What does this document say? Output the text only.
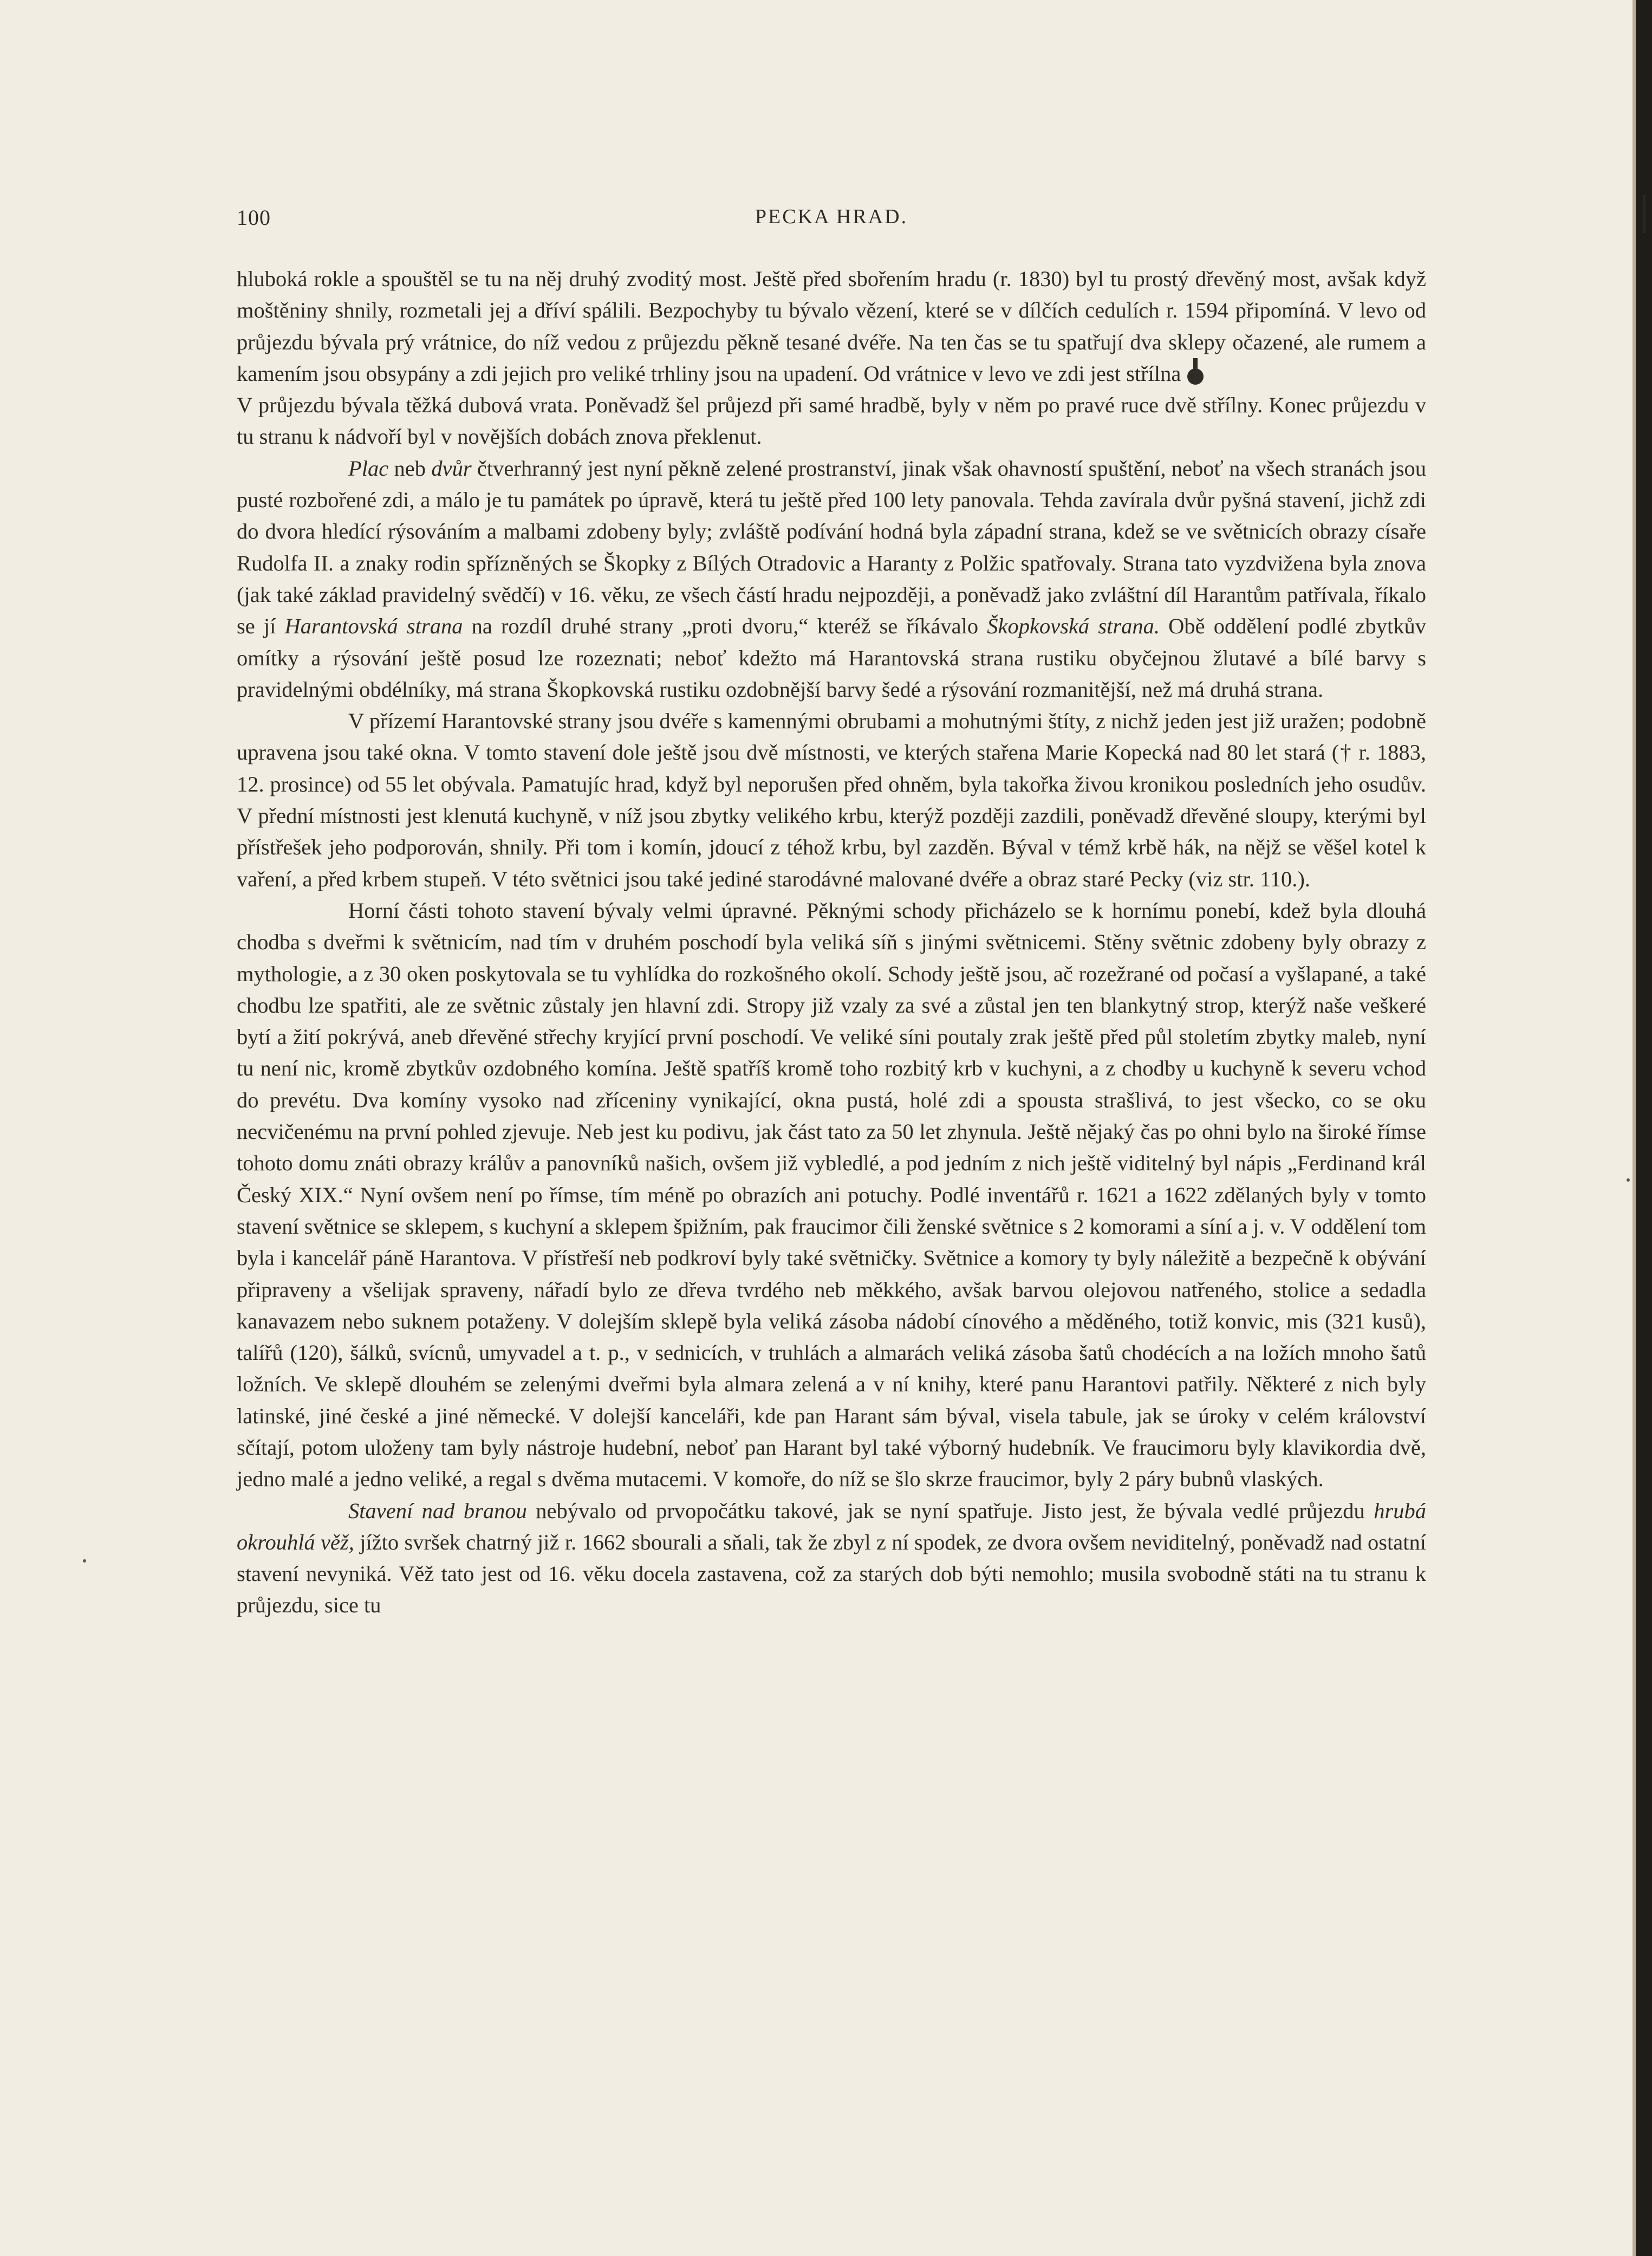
100	PECKA HRAD.

hluboká rokle a spouštěl se tu na něj druhý zvoditý most. Ještě před sbořením hradu (r. 1830) byl tu prostý dřevěný most, avšak když moštěniny shnily, rozmetali jej a dříví spálili. Bezpochyby tu bývalo vězení, které se v dílčích cedulích r. 1594 připomíná. V levo od průjezdu bývala prý vrátnice, do níž vedou z průjezdu pěkně tesané dvéře. Na ten čas se tu spatřují dva sklepy očazené, ale rumem a kamením jsou obsypány a zdi jejich pro veliké trhliny jsou na upadení. Od vrátnice v levo ve zdi jest střílna
V průjezdu bývala těžká dubová vrata. Poněvadž šel průjezd při samé hradbě, byly v něm po pravé ruce dvě střílny. Konec průjezdu v tu stranu k nádvoří byl v novějších dobách znova překlenut.

Plac neb dvůr čtverhranný jest nyní pěkně zelené prostranství, jinak však ohavností spuštění, neboť na všech stranách jsou pusté rozbořené zdi, a málo je tu památek po úpravě, která tu ještě před 100 lety panovala. Tehda zavírala dvůr pyšná stavení, jichž zdi do dvora hledící rýsováním a malbami zdobeny byly; zvláště podívání hodná byla západní strana, kdež se ve světnicích obrazy císaře Rudolfa II. a znaky rodin spřízněných se Škopky z Bílých Otradovic a Haranty z Polžic spatřovaly. Strana tato vyzdvižena byla znova (jak také základ pravidelný svědčí) v 16. věku, ze všech částí hradu nejpozději, a poněvadž jako zvláštní díl Harantům patřívala, říkalo se jí Harantovská strana na rozdíl druhé strany „proti dvoru,“ kteréž se říkávalo Škopkovská strana. Obě oddělení podlé zbytkův omítky a rýsování ještě posud lze rozeznati; neboť kdežto má Harantovská strana rustiku obyčejnou žlutavé a bílé barvy s pravidelnými obdélníky, má strana Škopkovská rustiku ozdobnější barvy šedé a rýsování rozmanitější, než má druhá strana.

V přízemí Harantovské strany jsou dvéře s kamennými obrubami a mohutnými štíty, z nichž jeden jest již uražen; podobně upravena jsou také okna. V tomto stavení dole ještě jsou dvě místnosti, ve kterých stařena Marie Kopecká nad 80 let stará († r. 1883, 12. prosince) od 55 let obývala. Pamatujíc hrad, když byl neporušen před ohněm, byla takořka živou kronikou posledních jeho osudův. V přední místnosti jest klenutá kuchyně, v níž jsou zbytky velikého krbu, kterýž později zazdili, poněvadž dřevěné sloupy, kterými byl přístřešek jeho podporován, shnily. Při tom i komín, jdoucí z téhož krbu, byl zazděn. Býval v témž krbě hák, na nějž se věšel kotel k vaření, a před krbem stupeň. V této světnici jsou také jediné starodávné malované dvéře a obraz staré Pecky (viz str. 110.).

Horní části tohoto stavení bývaly velmi úpravné. Pěknými schody přicházelo se k hornímu ponebí, kdež byla dlouhá chodba s dveřmi k světnicím, nad tím v druhém poschodí byla veliká síň s jinými světnicemi. Stěny světnic zdobeny byly obrazy z mythologie, a z 30 oken poskytovala se tu vyhlídka do rozkošného okolí. Schody ještě jsou, ač rozežrané od počasí a vyšlapané, a také chodbu lze spatřiti, ale ze světnic zůstaly jen hlavní zdi. Stropy již vzaly za své a zůstal jen ten blankytný strop, kterýž naše veškeré bytí a žití pokrývá, aneb dřevěné střechy kryjící první poschodí. Ve veliké síni poutaly zrak ještě před půl stoletím zbytky maleb, nyní tu není nic, kromě zbytkův ozdobného komína. Ještě spatříš kromě toho rozbitý krb v kuchyni, a z chodby u kuchyně k severu vchod do prevétu. Dva komíny vysoko nad zříceniny vynikající, okna pustá, holé zdi a spousta strašlivá, to jest všecko, co se oku necvičenému na první pohled zjevuje. Neb jest ku podivu, jak část tato za 50 let zhynula. Ještě nějaký čas po ohni bylo na široké římse tohoto domu znáti obrazy králův a panovníků našich, ovšem již vybledlé, a pod jedním z nich ještě viditelný byl nápis „Ferdinand král Český XIX.“ Nyní ovšem není po římse, tím méně po obrazích ani potuchy. Podlé inventářů r. 1621 a 1622 zdělaných byly v tomto stavení světnice se sklepem, s kuchyní a sklepem špižním, pak fraucimor čili ženské světnice s 2 komorami a síní a j. v. V oddělení tom byla i kancelář páně Harantova. V přístřeší neb podkroví byly také světničky. Světnice a komory ty byly náležitě a bezpečně k obývání připraveny a všelijak spraveny, nářadí bylo ze dřeva tvrdého neb měkkého, avšak barvou olejovou natřeného, stolice a sedadla kanavazem nebo suknem potaženy. V dolejším sklepě byla veliká zásoba nádobí cínového a měděného, totiž konvic, mis (321 kusů), talířů (120), šálků, svícnů, umyvadel a t. p., v sednicích, v truhlách a almarách veliká zásoba šatů chodécích a na ložích mnoho šatů ložních. Ve sklepě dlouhém se zelenými dveřmi byla almara zelená a v ní knihy, které panu Harantovi patřily. Některé z nich byly latinské, jiné české a jiné německé. V dolejší kanceláři, kde pan Harant sám býval, visela tabule, jak se úroky v celém království sčítají, potom uloženy tam byly nástroje hudební, neboť pan Harant byl také výborný hudebník. Ve fraucimoru byly klavikordia dvě, jedno malé a jedno veliké, a regal s dvěma mutacemi. V komoře, do níž se šlo skrze fraucimor, byly 2 páry bubnů vlaských.

Stavení nad branou nebývalo od prvopočátku takové, jak se nyní spatřuje. Jisto jest, že bývala vedlé průjezdu hrubá okrouhlá věž, jížto svršek chatrný již r. 1662 sbourali a sňali, tak že zbyl z ní spodek, ze dvora ovšem neviditelný, poněvadž nad ostatní stavení nevyniká. Věž tato jest od 16. věku docela zastavena, což za starých dob býti nemohlo; musila svobodně státi na tu stranu k průjezdu, sice tu
